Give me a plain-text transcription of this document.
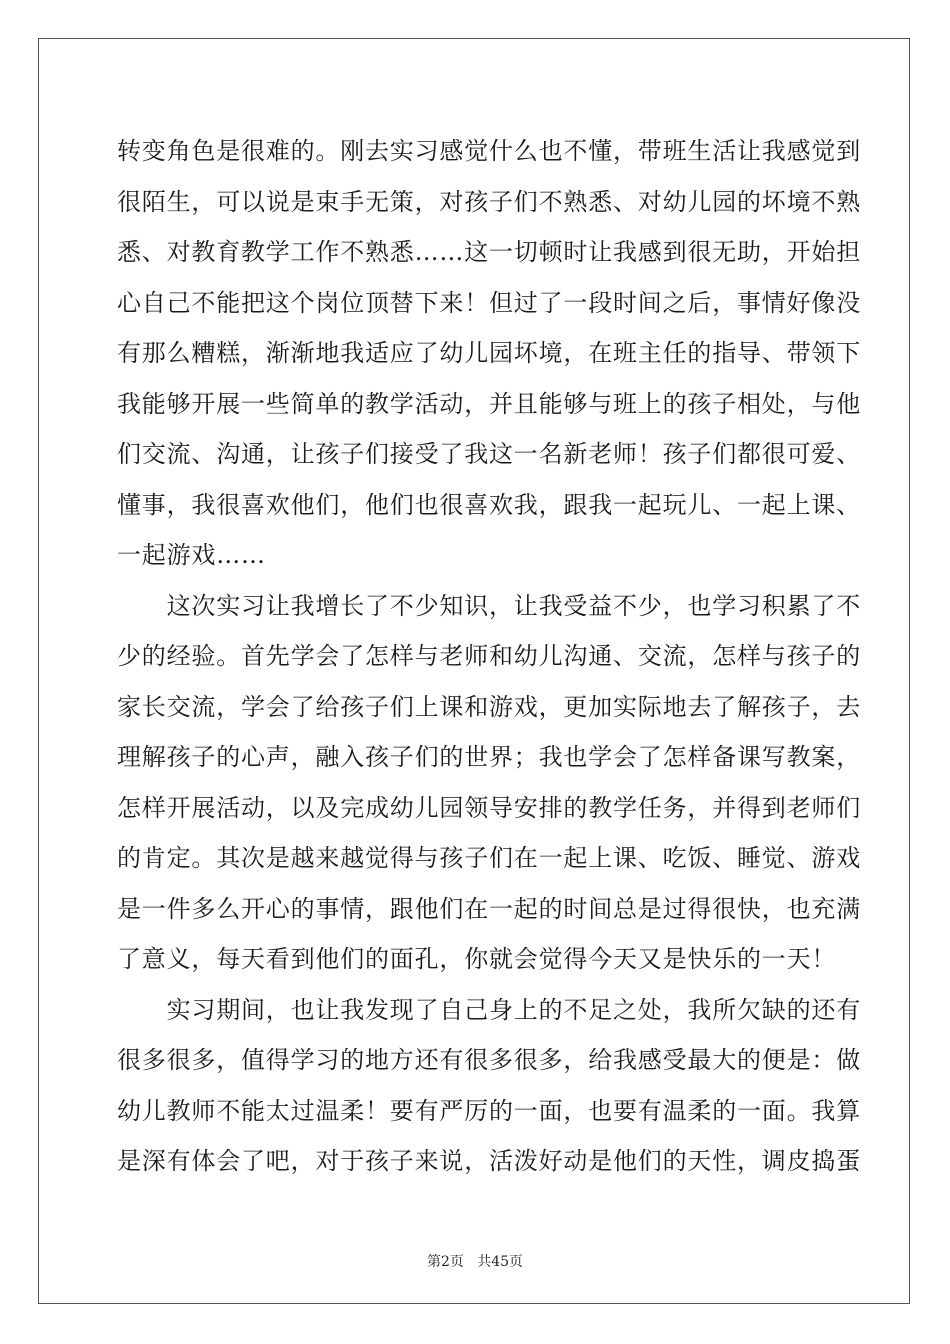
转变角色是很难的。刚去实习感觉什么也不懂，带班生活让我感觉到
很陌生，可以说是束手无策，对孩子们不熟悉、对幼儿园的坏境不熟
悉、对教育教学工作不熟悉……这一切顿时让我感到很无助，开始担
心自己不能把这个岗位顶替下来！但过了一段时间之后，事情好像没
有那么糟糕，渐渐地我适应了幼儿园坏境，在班主任的指导、带领下
我能够开展一些简单的教学活动，并且能够与班上的孩子相处，与他
们交流、沟通，让孩子们接受了我这一名新老师！孩子们都很可爱、
懂事，我很喜欢他们，他们也很喜欢我，跟我一起玩儿、一起上课、
一起游戏……
　　这次实习让我增长了不少知识，让我受益不少，也学习积累了不
少的经验。首先学会了怎样与老师和幼儿沟通、交流，怎样与孩子的
家长交流，学会了给孩子们上课和游戏，更加实际地去了解孩子，去
理解孩子的心声，融入孩子们的世界；我也学会了怎样备课写教案，
怎样开展活动，以及完成幼儿园领导安排的教学任务，并得到老师们
的肯定。其次是越来越觉得与孩子们在一起上课、吃饭、睡觉、游戏
是一件多么开心的事情，跟他们在一起的时间总是过得很快，也充满
了意义，每天看到他们的面孔，你就会觉得今天又是快乐的一天！
　　实习期间，也让我发现了自己身上的不足之处，我所欠缺的还有
很多很多，值得学习的地方还有很多很多，给我感受最大的便是：做
幼儿教师不能太过温柔！要有严厉的一面，也要有温柔的一面。我算
是深有体会了吧，对于孩子来说，活泼好动是他们的天性，调皮捣蛋
第2页   共45页
